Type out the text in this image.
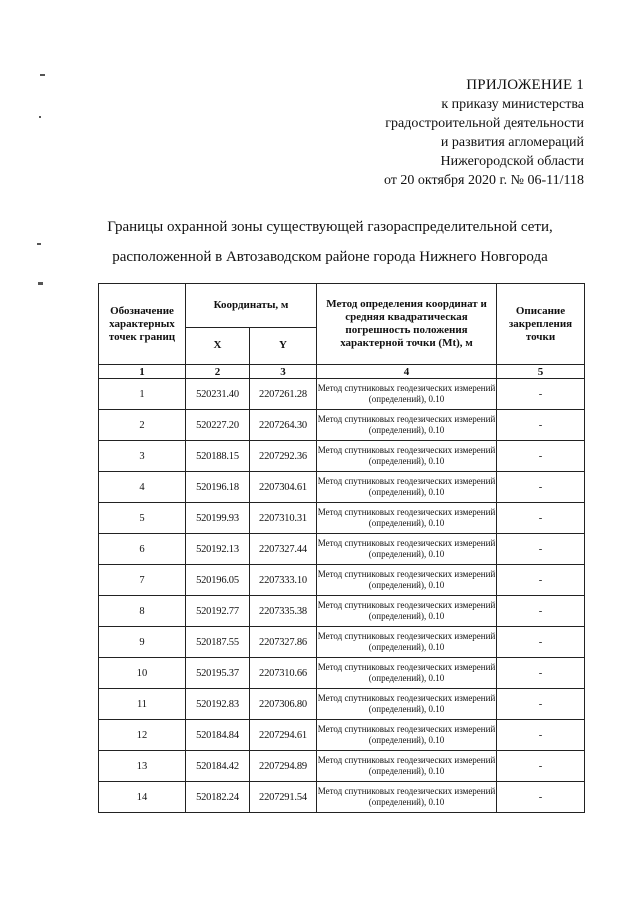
ПРИЛОЖЕНИЕ 1
к приказу министерства
градостроительной деятельности
и развития агломераций
Нижегородской области
от 20 октября 2020 г. № 06-11/118
Границы охранной зоны существующей газораспределительной сети,
расположенной в Автозаводском районе города Нижнего Новгорода
Обозначение характерных точек границ	Координаты, м		Метод определения координат и средняя квадратическая погрешность положения характерной точки (Mt), м	Описание закрепления точки
	X	Y		
1	2	3	4	5
1	520231.40	2207261.28	Метод спутниковых геодезических измерений (определений), 0.10	-
2	520227.20	2207264.30	Метод спутниковых геодезических измерений (определений), 0.10	-
3	520188.15	2207292.36	Метод спутниковых геодезических измерений (определений), 0.10	-
4	520196.18	2207304.61	Метод спутниковых геодезических измерений (определений), 0.10	-
5	520199.93	2207310.31	Метод спутниковых геодезических измерений (определений), 0.10	-
6	520192.13	2207327.44	Метод спутниковых геодезических измерений (определений), 0.10	-
7	520196.05	2207333.10	Метод спутниковых геодезических измерений (определений), 0.10	-
8	520192.77	2207335.38	Метод спутниковых геодезических измерений (определений), 0.10	-
9	520187.55	2207327.86	Метод спутниковых геодезических измерений (определений), 0.10	-
10	520195.37	2207310.66	Метод спутниковых геодезических измерений (определений), 0.10	-
11	520192.83	2207306.80	Метод спутниковых геодезических измерений (определений), 0.10	-
12	520184.84	2207294.61	Метод спутниковых геодезических измерений (определений), 0.10	-
13	520184.42	2207294.89	Метод спутниковых геодезических измерений (определений), 0.10	-
14	520182.24	2207291.54	Метод спутниковых геодезических измерений (определений), 0.10	-
